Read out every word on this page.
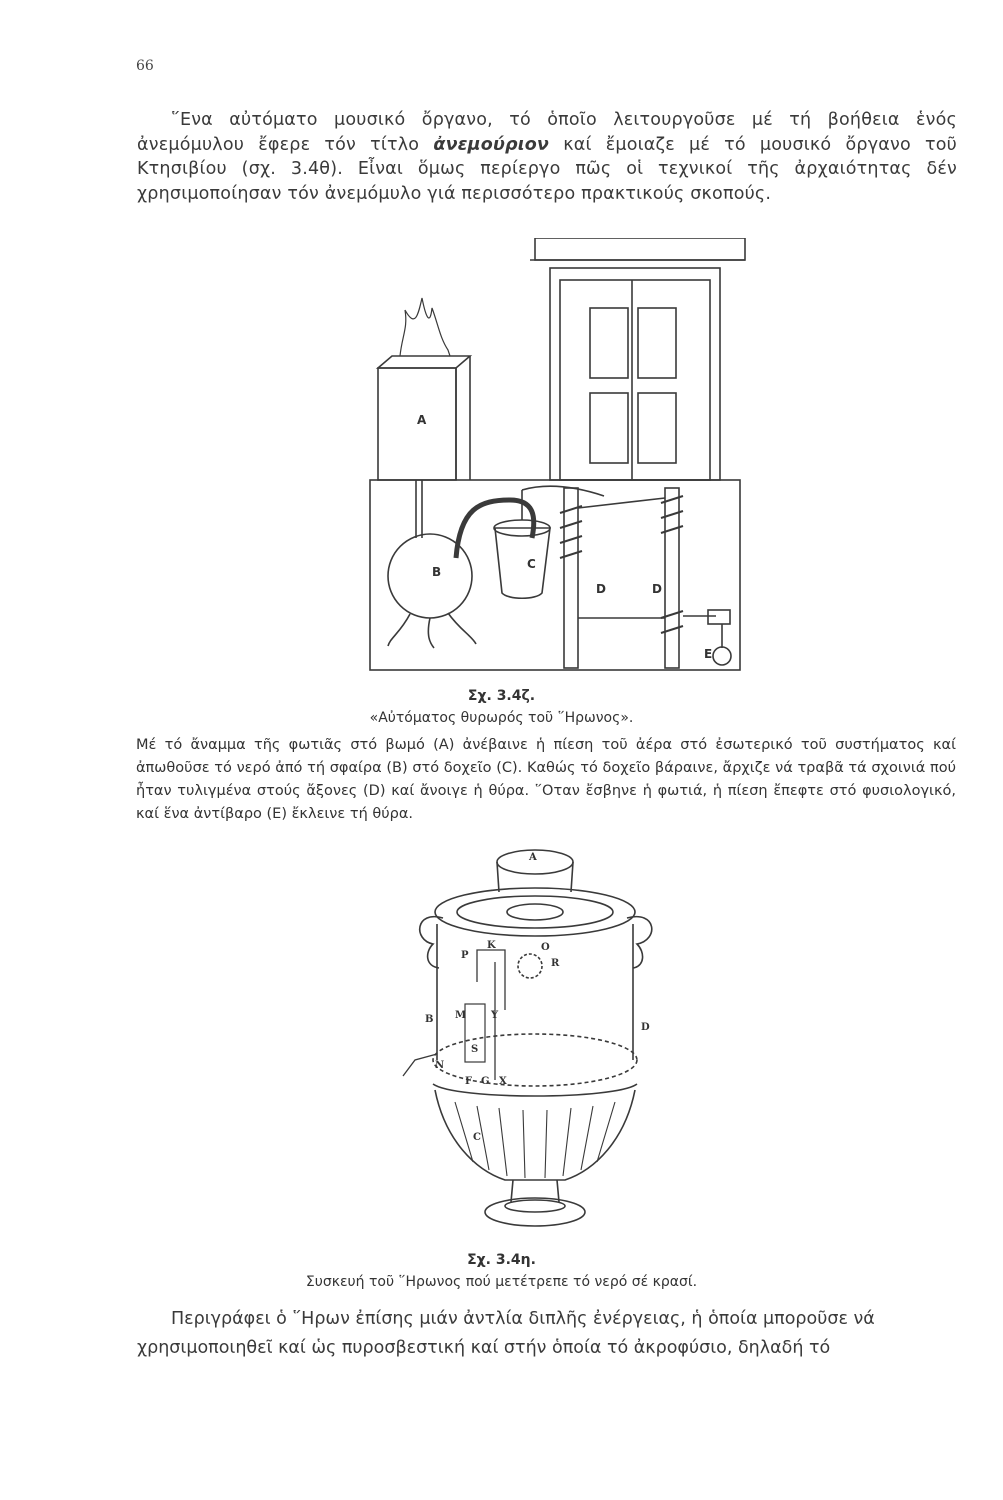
66
῞Ενα αὐτόματο μουσικό ὄργανο, τό ὁποῖο λειτουργοῦσε μέ τή βοήθεια ἑνός ἀνεμόμυλου ἔφερε τόν τίτλο ἀνεμούριον καί ἔμοιαζε μέ τό μουσικό ὄργανο τοῦ Κτησιβίου (σχ. 3.4θ). Εἶναι ὅμως περίεργο πῶς οἱ τεχνικοί τῆς ἀρχαιότητας δέν χρησιμοποίησαν τόν ἀνεμόμυλο γιά περισσότερο πρακτικούς σκοπούς.
A
B
C
D	D
E
Σχ. 3.4ζ.
«Αὐτόματος θυρωρός τοῦ ῞Ηρωνος».
Μέ τό ἄναμμα τῆς φωτιᾶς στό βωμό (Α) ἀνέβαινε ἡ πίεση τοῦ ἀέρα στό ἐσωτερικό τοῦ συστήματος καί ἀπωθοῦσε τό νερό ἀπό τή σφαίρα (Β) στό δοχεῖο (C). Καθώς τό δοχεῖο βάραινε, ἄρχιζε νά τραβᾶ τά σχοινιά πού ἦταν τυλιγμένα στούς ἄξονες (D) καί ἄνοιγε ἡ θύρα. ῞Οταν ἔσβηνε ἡ φωτιά, ἡ πίεση ἔπεφτε στό φυσιολογικό, καί ἕνα ἀντίβαρο (Ε) ἔκλεινε τή θύρα.
A
B
D
C
P
R
O
K
M
N
G X
S
F
Y
Σχ. 3.4η.
Συσκευή τοῦ ῞Ηρωνος πού μετέτρεπε τό νερό σέ κρασί.
Περιγράφει ὁ ῞Ηρων ἐπίσης μιάν ἀντλία διπλῆς ἐνέργειας, ἡ ὁποία μποροῦσε νά χρησιμοποιηθεῖ καί ὡς πυροσβεστική καί στήν ὁποία τό ἀκροφύσιο, δηλαδή τό
